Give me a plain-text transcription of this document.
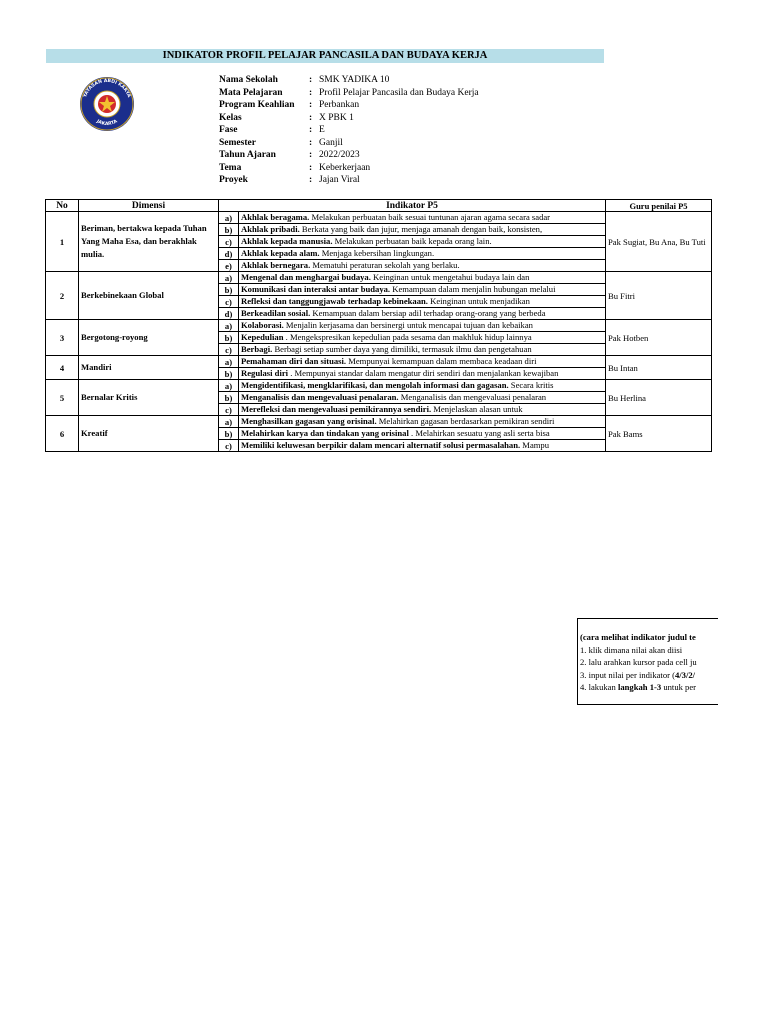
INDIKATOR PROFIL PELAJAR PANCASILA DAN BUDAYA KERJA
YAYASAN ABDI KARYA
JAKARTA
Nama Sekolah	: SMK YADIKA 10
Mata Pelajaran	: Profil Pelajar Pancasila dan Budaya Kerja
Program Keahlian	: Perbankan
Kelas	: X PBK 1
Fase	: E
Semester	: Ganjil
Tahun Ajaran	: 2022/2023
Tema	: Keberkerjaan
Proyek	: Jajan Viral
No	Dimensi	Indikator P5		Guru penilai P5
1	Beriman, bertakwa kepada Tuhan Yang Maha Esa, dan berakhlak mulia.	a)	Akhlak beragama. Melakukan perbuatan baik sesuai tuntunan ajaran agama secara sadar	Pak Sugiat, Bu Ana, Bu Tuti
		b)	Akhlak pribadi. Berkata yang baik dan jujur, menjaga amanah dengan baik, konsisten,	
		c)	Akhlak kepada manusia. Melakukan perbuatan baik kepada orang lain.	
		d)	Akhlak kepada alam. Menjaga kebersihan lingkungan.	
		e)	Akhlak bernegara. Mematuhi peraturan sekolah yang berlaku.	
2	Berkebinekaan Global	a)	Mengenal dan menghargai budaya. Keinginan untuk mengetahui budaya lain dan	Bu Fitri
		b)	Komunikasi dan interaksi antar budaya. Kemampuan dalam menjalin hubungan melalui	
		c)	Refleksi dan tanggungjawab terhadap kebinekaan. Keinginan untuk menjadikan	
		d)	Berkeadilan sosial. Kemampuan dalam bersiap adil terhadap orang-orang yang berbeda	
3	Bergotong-royong	a)	Kolaborasi. Menjalin kerjasama dan bersinergi untuk mencapai tujuan dan kebaikan	Pak Hotben
		b)	Kepedulian . Mengekspresikan kepedulian pada sesama dan makhluk hidup lainnya	
		c)	Berbagi. Berbagi setiap sumber daya yang dimiliki, termasuk ilmu dan pengetahuan	
4	Mandiri	a)	Pemahaman diri dan situasi. Mempunyai kemampuan dalam membaca keadaan diri	Bu Intan
		b)	Regulasi diri . Mempunyai standar dalam mengatur diri sendiri dan menjalankan kewajiban	
5	Bernalar Kritis	a)	Mengidentifikasi, mengklarifikasi, dan mengolah informasi dan gagasan. Secara kritis	Bu Herlina
		b)	Menganalisis dan mengevaluasi penalaran. Menganalisis dan mengevaluasi penalaran	
		c)	Merefleksi dan mengevaluasi pemikirannya sendiri. Menjelaskan alasan untuk	
6	Kreatif	a)	Menghasilkan gagasan yang orisinal. Melahirkan gagasan berdasarkan pemikiran sendiri	Pak Bams
		b)	Melahirkan karya dan tindakan yang orisinal . Melahirkan sesuatu yang asli serta bisa	
		c)	Memiliki keluwesan berpikir dalam mencari alternatif solusi permasalahan. Mampu	
(cara melihat indikator judul te
1. klik dimana nilai akan diisi
2. lalu arahkan kursor pada cell ju
3. input nilai per indikator (4/3/2/
4. lakukan langkah 1-3 untuk per
